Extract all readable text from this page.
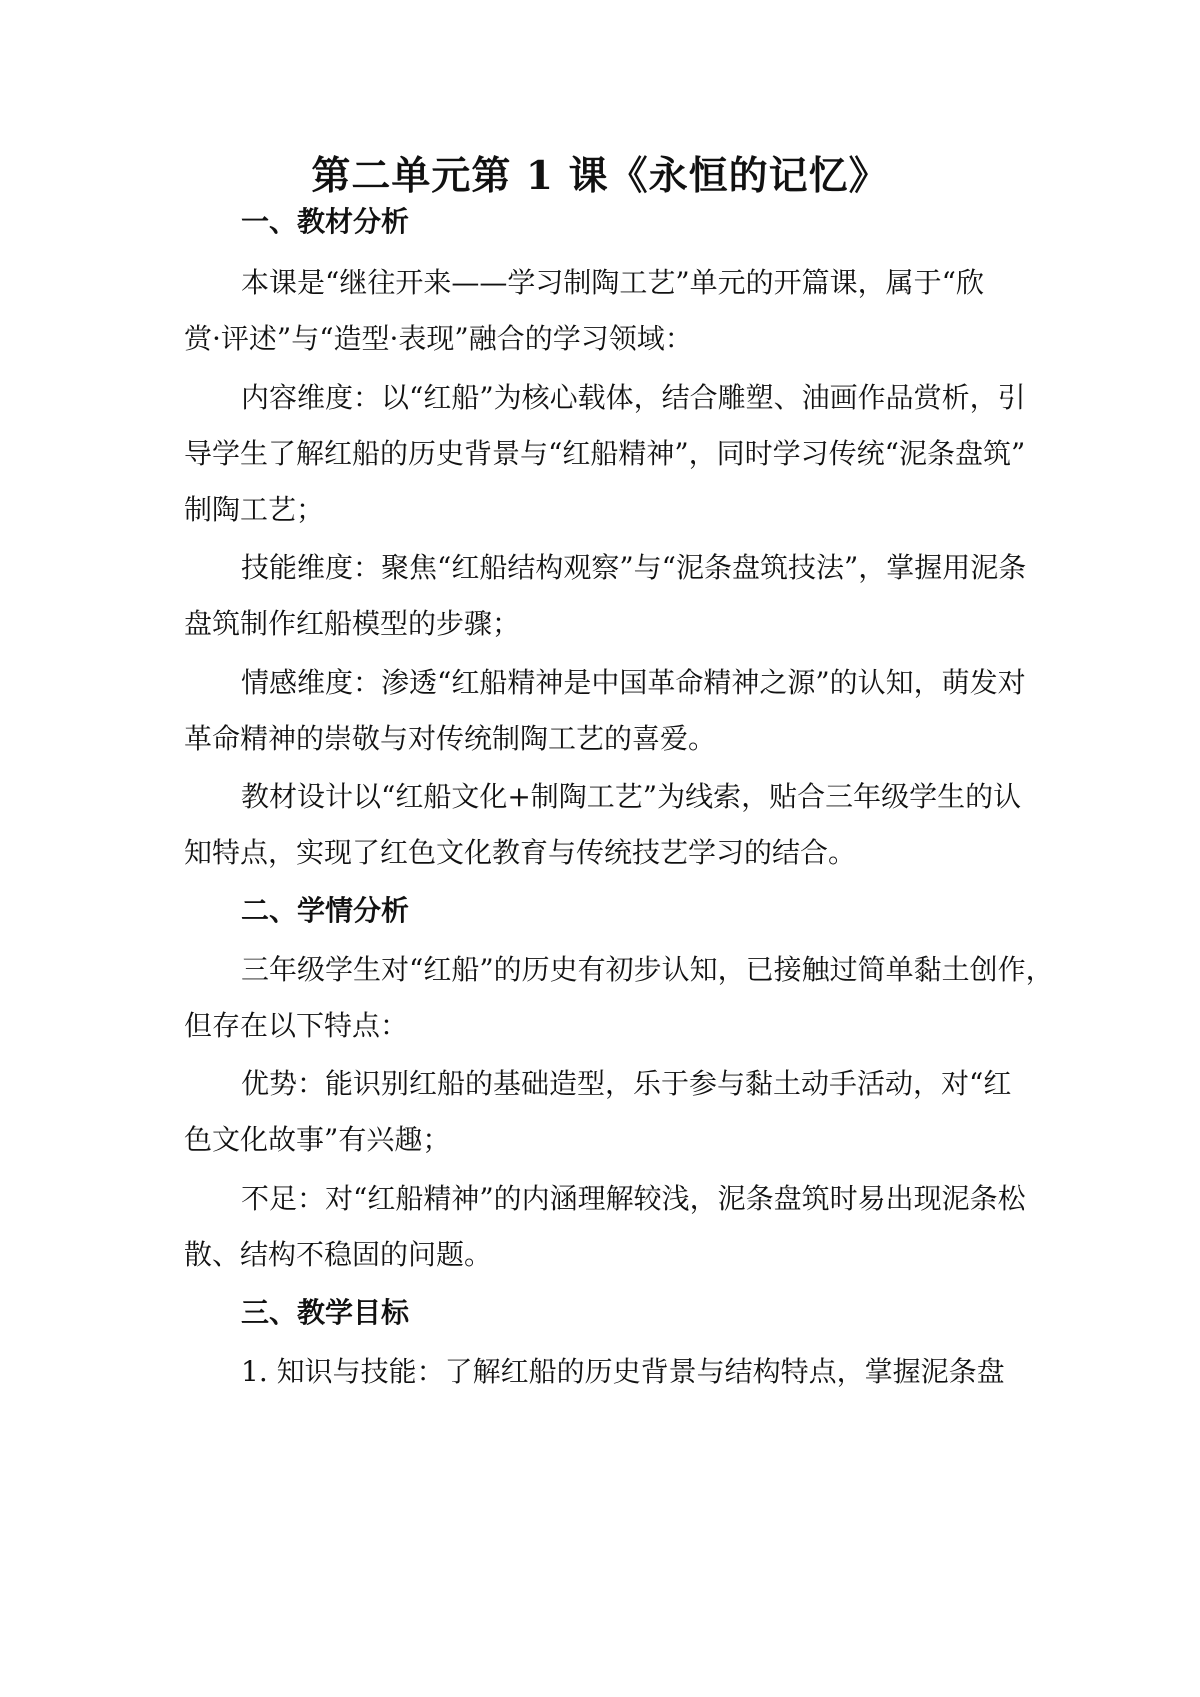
第二单元第 1 课《永恒的记忆》
一、教材分析
本课是“继往开来——学习制陶工艺”单元的开篇课，属于“欣
赏·评述”与“造型·表现”融合的学习领域：
内容维度：以“红船”为核心载体，结合雕塑、油画作品赏析，引
导学生了解红船的历史背景与“红船精神”，同时学习传统“泥条盘筑”
制陶工艺；
技能维度：聚焦“红船结构观察”与“泥条盘筑技法”，掌握用泥条
盘筑制作红船模型的步骤；
情感维度：渗透“红船精神是中国革命精神之源”的认知，萌发对
革命精神的崇敬与对传统制陶工艺的喜爱。
教材设计以“红船文化+制陶工艺”为线索，贴合三年级学生的认
知特点，实现了红色文化教育与传统技艺学习的结合。
二、学情分析
三年级学生对“红船”的历史有初步认知，已接触过简单黏土创作，
但存在以下特点：
优势：能识别红船的基础造型，乐于参与黏土动手活动，对“红
色文化故事”有兴趣；
不足：对“红船精神”的内涵理解较浅，泥条盘筑时易出现泥条松
散、结构不稳固的问题。
三、教学目标
1. 知识与技能：了解红船的历史背景与结构特点，掌握泥条盘
